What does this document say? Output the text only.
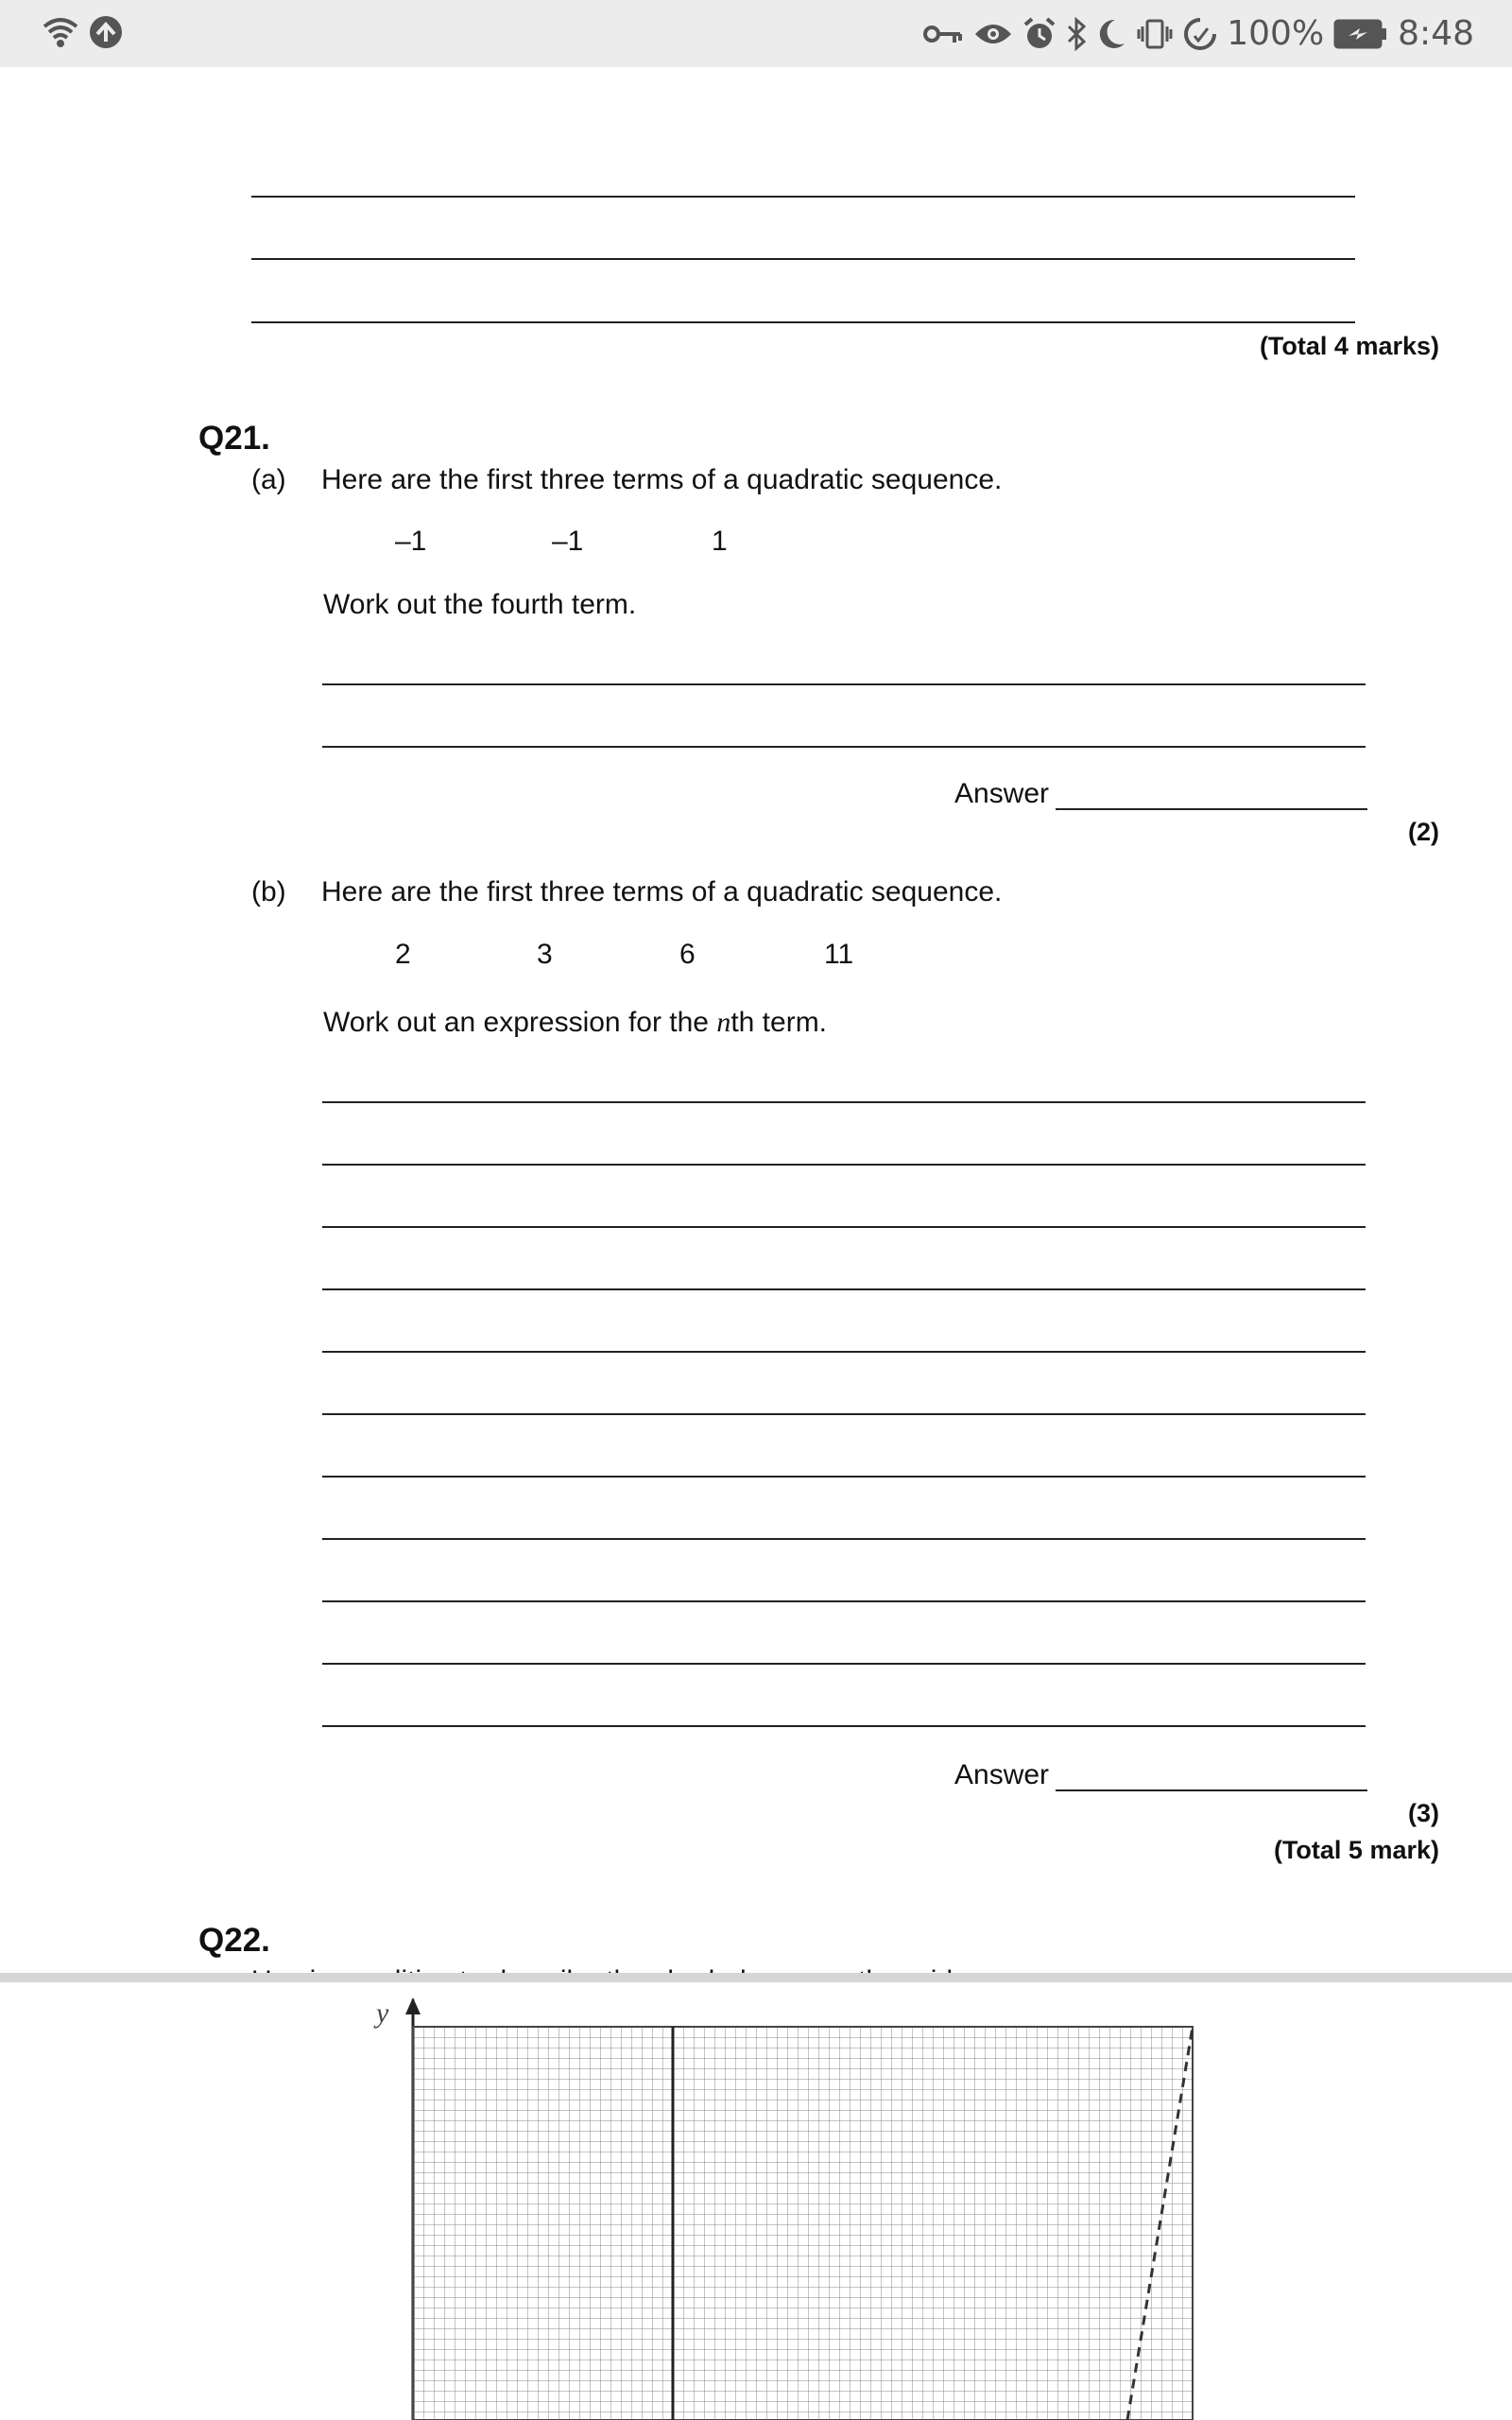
100% 8:48
(Total 4 marks)
Q21.
(a) Here are the first three terms of a quadratic sequence.
–1	–1	1
Work out the fourth term.
Answer
(2)
(b) Here are the first three terms of a quadratic sequence.
2	3	6	11
Work out an expression for the nth term.
Answer
(3)
(Total 5 mark)
Q22.
y
